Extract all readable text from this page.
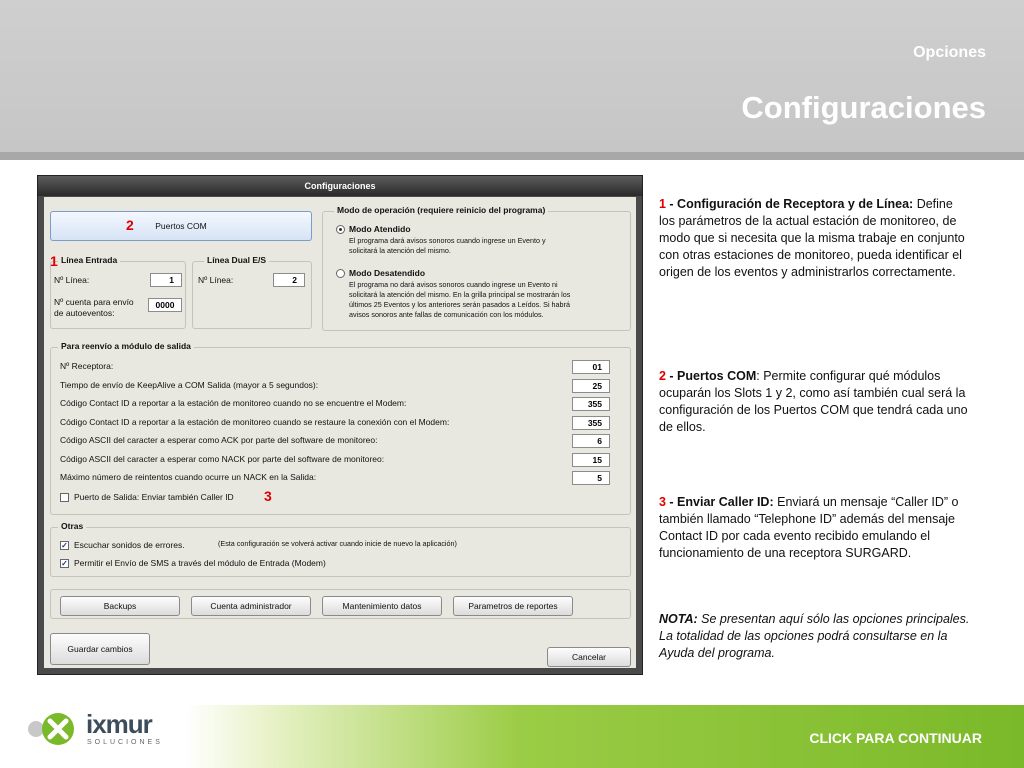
Opciones
Configuraciones
Configuraciones
Puertos COM
2
Línea Entrada
1
Nº Línea:	1
Nº cuenta para envío
de autoeventos:
0000
Línea Dual E/S
Nº Línea:	2
Modo de operación (requiere reinicio del programa)
Modo Atendido
El programa dará avisos sonoros cuando ingrese un Evento y
solicitará la atención del mismo.
Modo Desatendido
El programa no dará avisos sonoros cuando ingrese un Evento ni
solicitará la atención del mismo. En la grilla principal se mostrarán los
últimos 25 Eventos y los anteriores serán pasados a Leídos. Si habrá
avisos sonoros ante fallas de comunicación con los módulos.
Para reenvío a módulo de salida
Puerto de Salida: Enviar también Caller ID 3
Otras
✓ Escuchar sonidos de errores.	(Esta configuración se volverá activar cuando inicie de nuevo la aplicación)
✓ Permitir el Envío de SMS a través del módulo de Entrada (Modem)
Backups	Cuenta administrador	Mantenimiento datos	Parametros de reportes
Guardar cambios
Cancelar
Nº Receptora:	01
Tiempo de envío de KeepAlive a COM Salida (mayor a 5 segundos):	25
Código Contact ID a reportar a la estación de monitoreo cuando no se encuentre el Modem:	355
Código Contact ID a reportar a la estación de monitoreo cuando se restaure la conexión con el Modem:	355
Código ASCII del caracter a esperar como ACK por parte del software de monitoreo:	6
Código ASCII del caracter a esperar como NACK por parte del software de monitoreo:	15
Máximo número de reintentos cuando ocurre un NACK en la Salida:	5
1 - Configuración de Receptora y de Línea: Define los parámetros de la actual estación de monitoreo, de modo que si necesita que la misma trabaje en conjunto con otras estaciones de monitoreo, pueda identificar el origen de los eventos y administrarlos correctamente.
2 - Puertos COM: Permite configurar qué módulos ocuparán los Slots 1 y 2, como así también cual será la configuración de los Puertos COM que tendrá cada uno de ellos.
3 - Enviar Caller ID: Enviará un mensaje “Caller ID” o también llamado “Telephone ID” además del mensaje Contact ID por cada evento recibido emulando el funcionamiento de una receptora SURGARD.
NOTA: Se presentan aquí sólo las opciones principales. La totalidad de las opciones podrá consultarse en la Ayuda del programa.
CLICK PARA CONTINUAR
ixmur
SOLUCIONES
